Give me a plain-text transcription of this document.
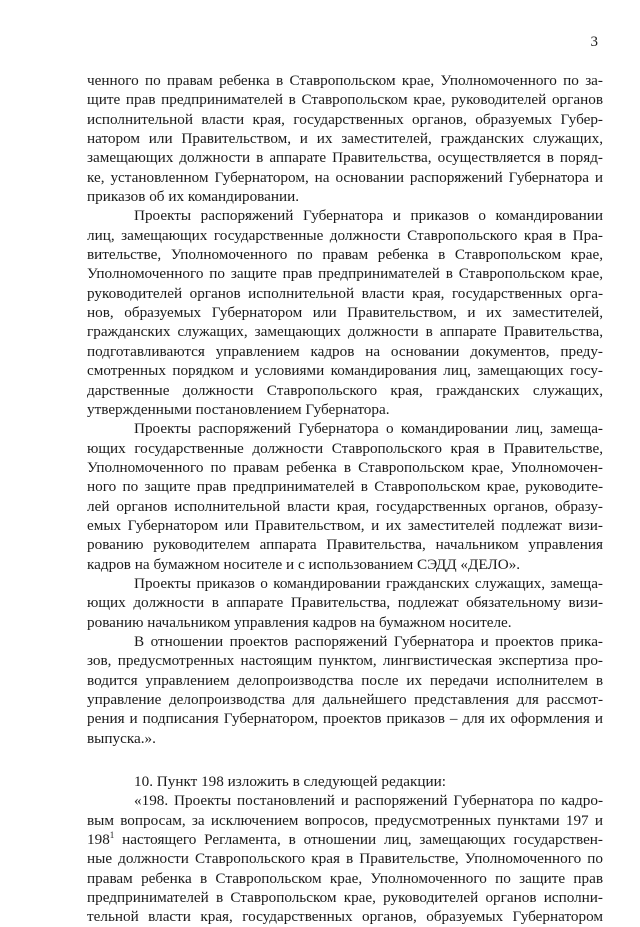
3
ченного по правам ребенка в Ставропольском крае, Уполномоченного по за-
щите прав предпринимателей в Ставропольском крае, руководителей органов
исполнительной власти края, государственных органов, образуемых Губер-
натором или Правительством, и их заместителей, гражданских служащих,
замещающих должности в аппарате Правительства, осуществляется в поряд-
ке, установленном Губернатором, на основании распоряжений Губернатора и
приказов об их командировании.
Проекты распоряжений Губернатора и приказов о командировании
лиц, замещающих государственные должности Ставропольского края в Пра-
вительстве, Уполномоченного по правам ребенка в Ставропольском крае,
Уполномоченного по защите прав предпринимателей в Ставропольском крае,
руководителей органов исполнительной власти края, государственных орга-
нов, образуемых Губернатором или Правительством, и их заместителей,
гражданских служащих, замещающих должности в аппарате Правительства,
подготавливаются управлением кадров на основании документов, преду-
смотренных порядком и условиями командирования лиц, замещающих госу-
дарственные должности Ставропольского края, гражданских служащих,
утвержденными постановлением Губернатора.
Проекты распоряжений Губернатора о командировании лиц, замеща-
ющих государственные должности Ставропольского края в Правительстве,
Уполномоченного по правам ребенка в Ставропольском крае, Уполномочен-
ного по защите прав предпринимателей в Ставропольском крае, руководите-
лей органов исполнительной власти края, государственных органов, образу-
емых Губернатором или Правительством, и их заместителей подлежат визи-
рованию руководителем аппарата Правительства, начальником управления
кадров на бумажном носителе и с использованием СЭДД «ДЕЛО».
Проекты приказов о командировании гражданских служащих, замеща-
ющих должности в аппарате Правительства, подлежат обязательному визи-
рованию начальником управления кадров на бумажном носителе.
В отношении проектов распоряжений Губернатора и проектов прика-
зов, предусмотренных настоящим пунктом, лингвистическая экспертиза про-
водится управлением делопроизводства после их передачи исполнителем в
управление делопроизводства для дальнейшего представления для рассмот-
рения и подписания Губернатором, проектов приказов – для их оформления и
выпуска.».
10. Пункт 198 изложить в следующей редакции:
«198. Проекты постановлений и распоряжений Губернатора по кадро-
вым вопросам, за исключением вопросов, предусмотренных пунктами 197 и
$198^1$ настоящего Регламента, в отношении лиц, замещающих государствен-
ные должности Ставропольского края в Правительстве, Уполномоченного по
правам ребенка в Ставропольском крае, Уполномоченного по защите прав
предпринимателей в Ставропольском крае, руководителей органов исполни-
тельной власти края, государственных органов, образуемых Губернатором
